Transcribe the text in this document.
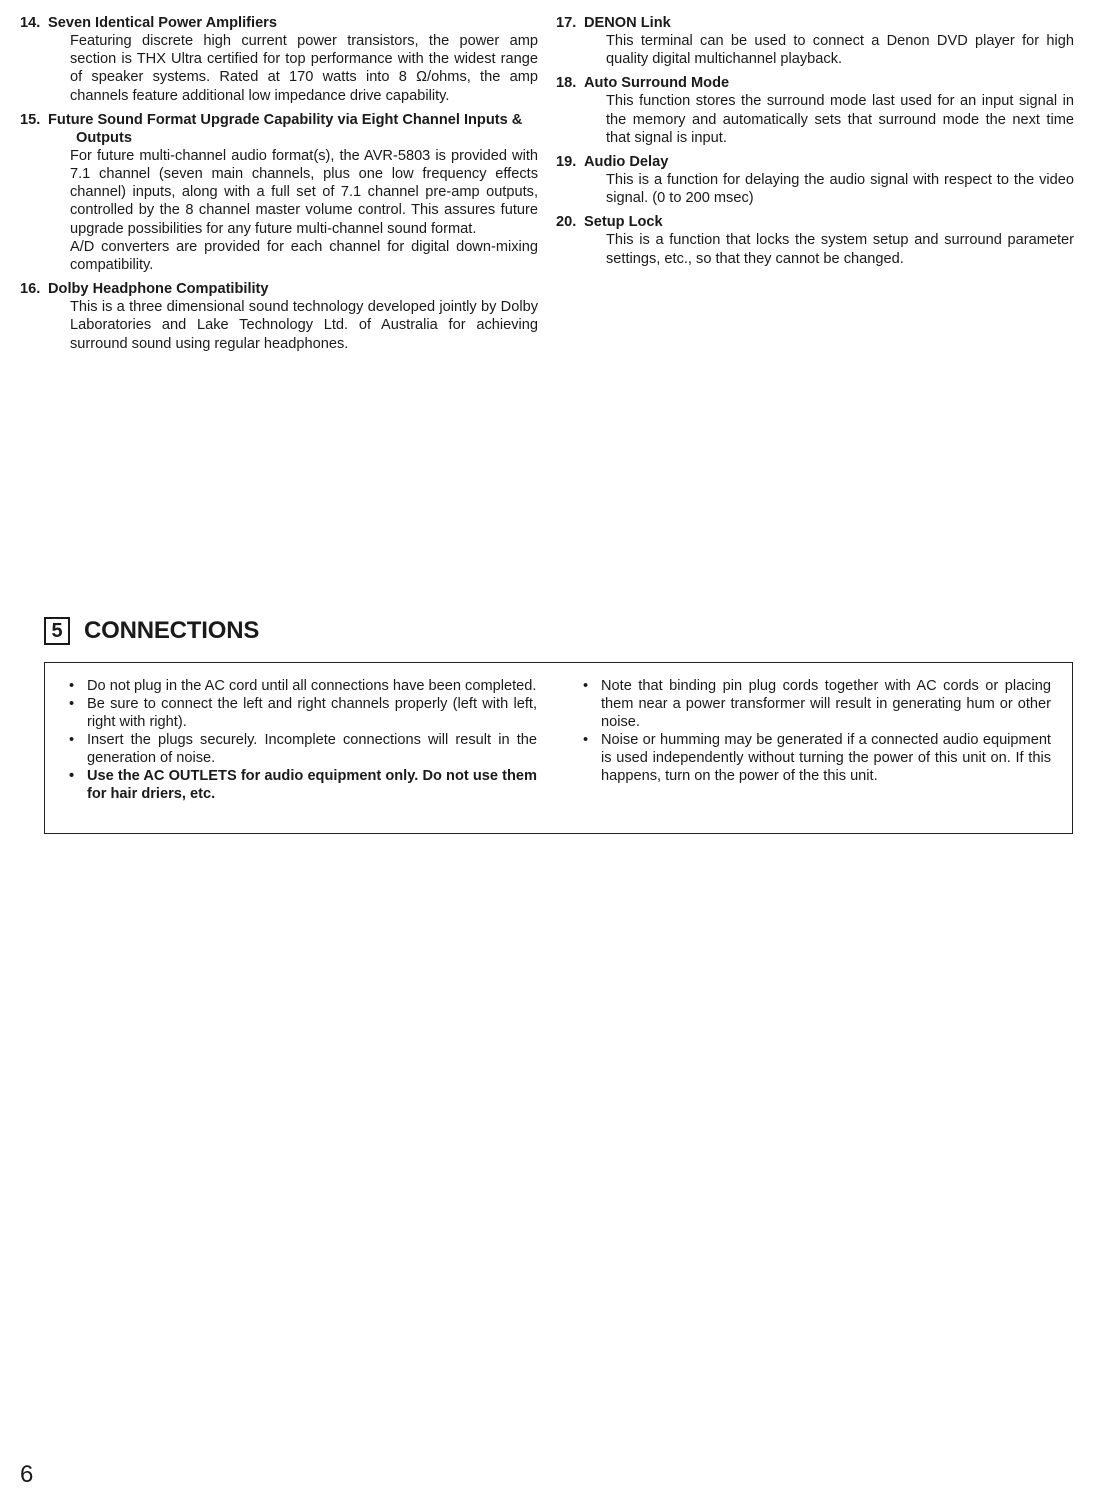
14. Seven Identical Power Amplifiers

Featuring discrete high current power transistors, the power amp section is THX Ultra certified for top performance with the widest range of speaker systems. Rated at 170 watts into 8 Ω/ohms, the amp channels feature additional low impedance drive capability.

15. Future Sound Format Upgrade Capability via Eight Channel Inputs & Outputs

For future multi-channel audio format(s), the AVR-5803 is provided with 7.1 channel (seven main channels, plus one low frequency effects channel) inputs, along with a full set of 7.1 channel pre-amp outputs, controlled by the 8 channel master volume control. This assures future upgrade possibilities for any future multi-channel sound format.

A/D converters are provided for each channel for digital down-mixing compatibility.

16. Dolby Headphone Compatibility

This is a three dimensional sound technology developed jointly by Dolby Laboratories and Lake Technology Ltd. of Australia for achieving surround sound using regular headphones.

17. DENON Link

This terminal can be used to connect a Denon DVD player for high quality digital multichannel playback.

18. Auto Surround Mode

This function stores the surround mode last used for an input signal in the memory and automatically sets that surround mode the next time that signal is input.

19. Audio Delay

This is a function for delaying the audio signal with respect to the video signal. (0 to 200 msec)

20. Setup Lock

This is a function that locks the system setup and surround parameter settings, etc., so that they cannot be changed.

5 CONNECTIONS

• Do not plug in the AC cord until all connections have been completed.

• Be sure to connect the left and right channels properly (left with left, right with right).

• Insert the plugs securely. Incomplete connections will result in the generation of noise.

• Use the AC OUTLETS for audio equipment only. Do not use them for hair driers, etc.

• Note that binding pin plug cords together with AC cords or placing them near a power transformer will result in generating hum or other noise.

• Noise or humming may be generated if a connected audio equipment is used independently without turning the power of this unit on. If this happens, turn on the power of the this unit.

6
